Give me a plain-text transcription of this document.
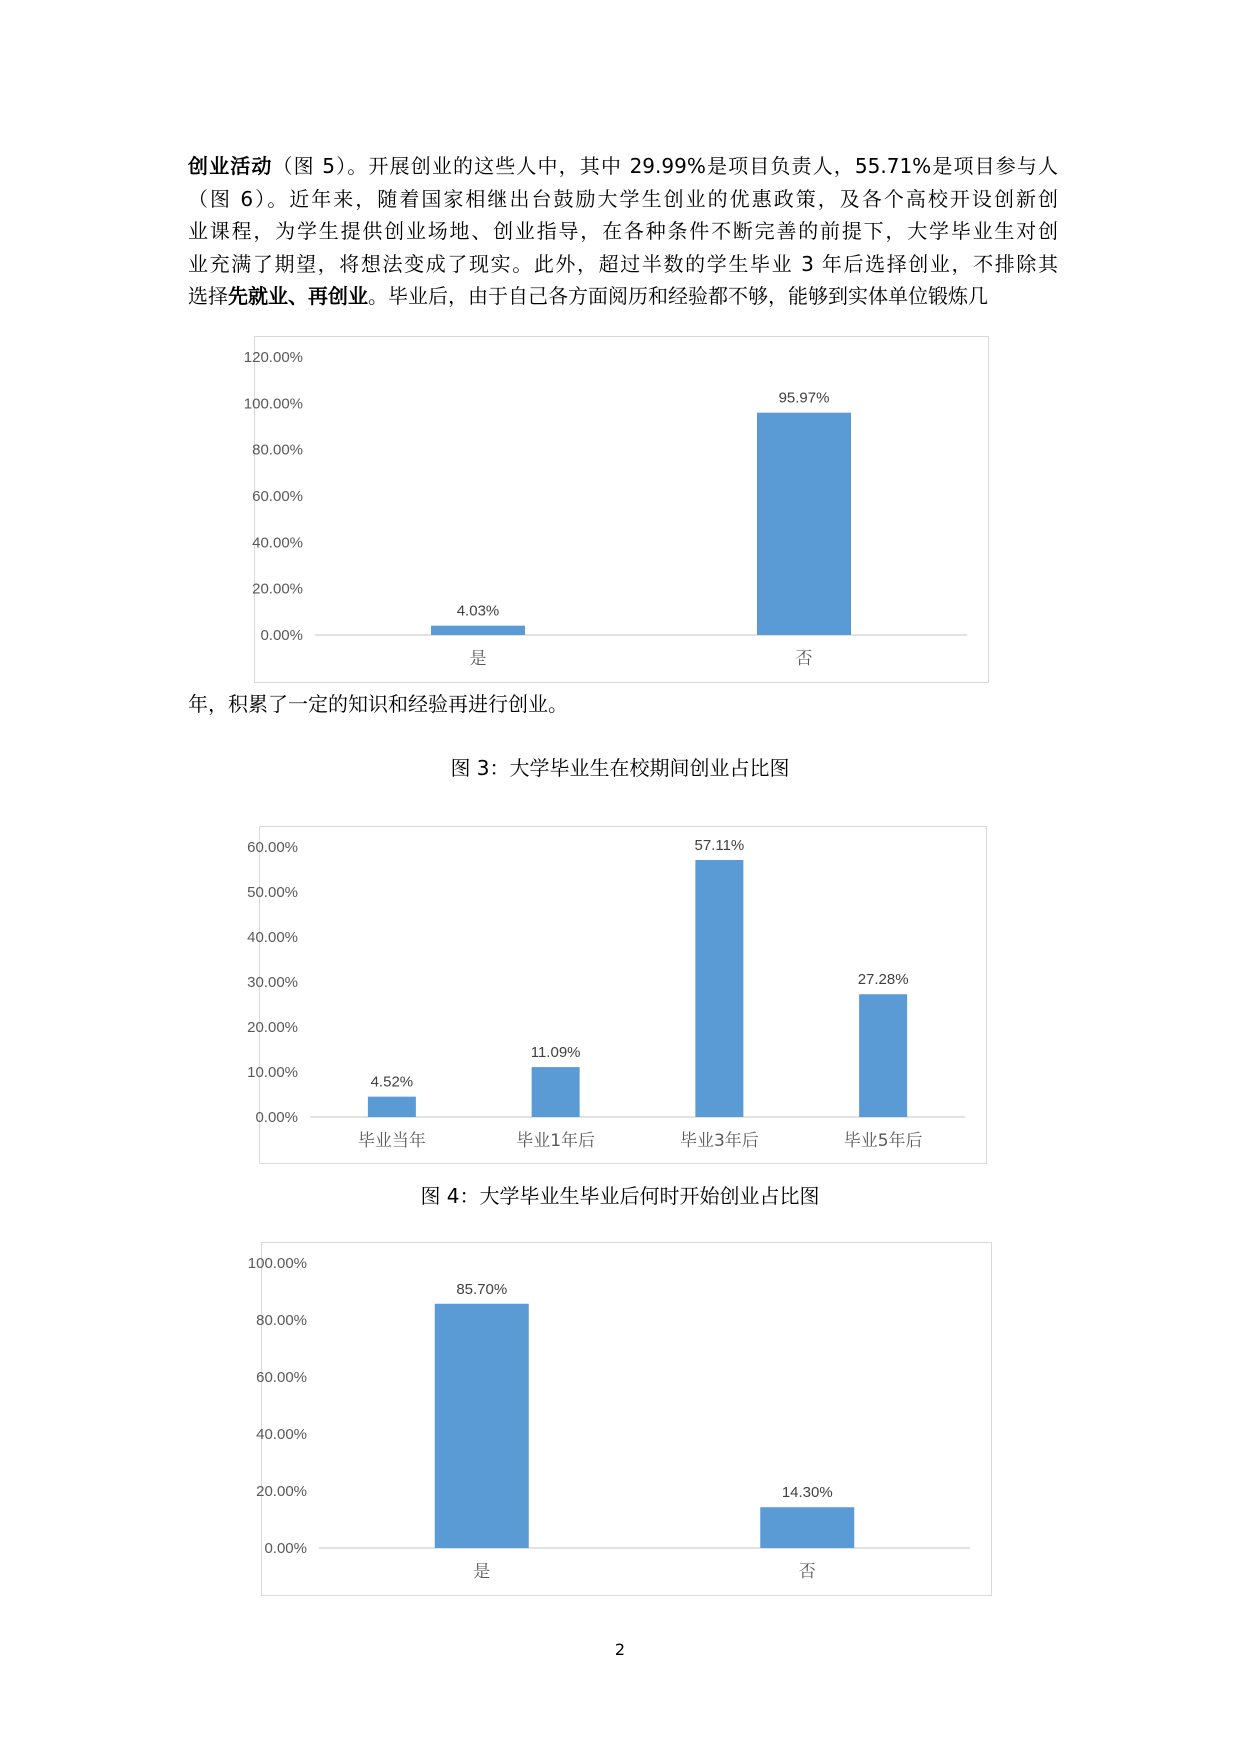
创业活动（图 5）。开展创业的这些人中，其中 29.99%是项目负责人，55.71%是项目参与人
（图 6）。近年来，随着国家相继出台鼓励大学生创业的优惠政策，及各个高校开设创新创
业课程，为学生提供创业场地、创业指导，在各种条件不断完善的前提下，大学毕业生对创
业充满了期望，将想法变成了现实。此外，超过半数的学生毕业 3 年后选择创业，不排除其
选择先就业、再创业。毕业后，由于自己各方面阅历和经验都不够，能够到实体单位锻炼几
0.00%
20.00%
40.00%
60.00%
80.00%
100.00%
120.00%
4.03%
是
95.97%
否
年，积累了一定的知识和经验再进行创业。
图 3：大学毕业生在校期间创业占比图
0.00%
10.00%
20.00%
30.00%
40.00%
50.00%
60.00%
4.52%
毕业当年
11.09%
毕业1年后
57.11%
毕业3年后
27.28%
毕业5年后
图 4：大学毕业生毕业后何时开始创业占比图
0.00%
20.00%
40.00%
60.00%
80.00%
100.00%
85.70%
是
14.30%
否
2
